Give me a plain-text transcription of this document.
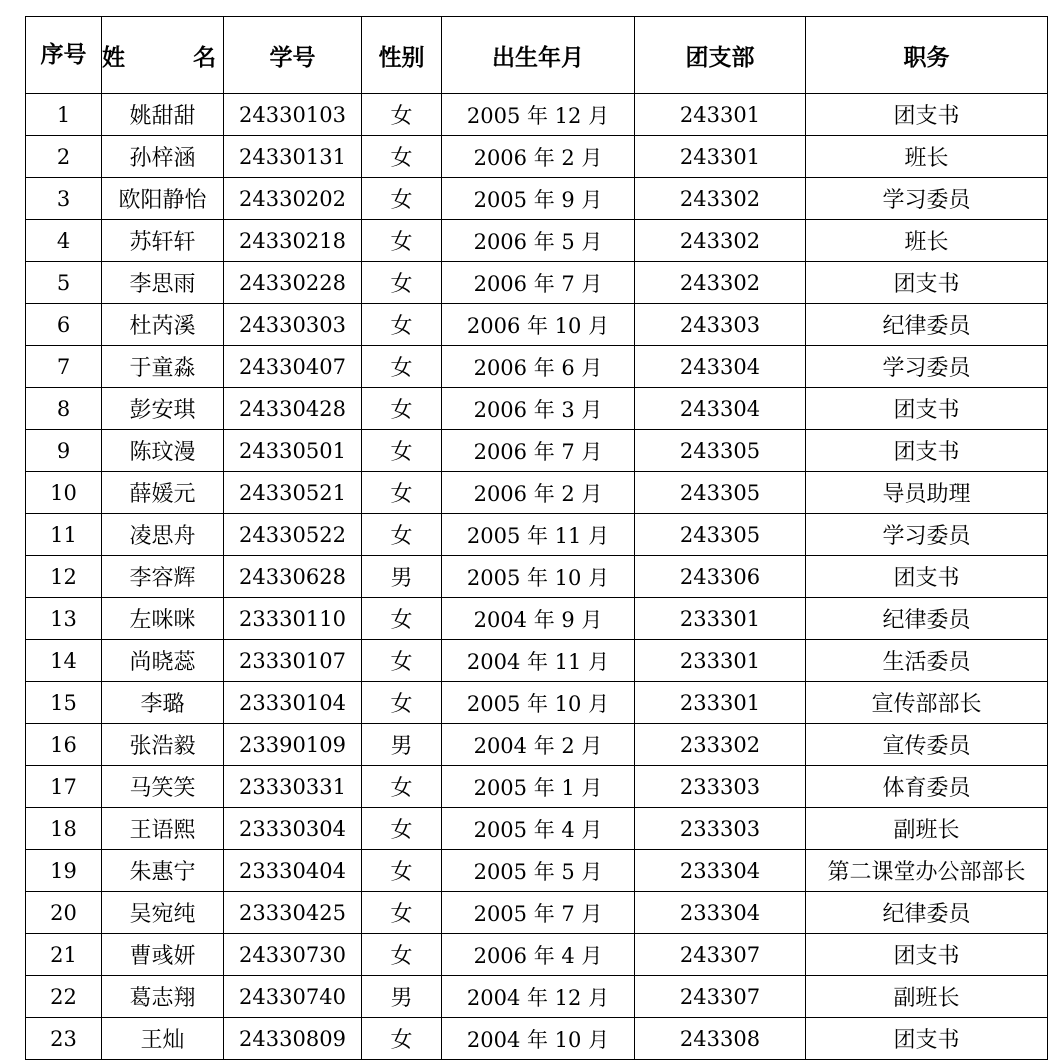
序号	姓 名	学号	性别	出生年月	团支部	职务
1	姚甜甜	24330103	女	2005 年 12 月	243301	团支书
2	孙梓涵	24330131	女	2006 年 2 月	243301	班长
3	欧阳静怡	24330202	女	2005 年 9 月	243302	学习委员
4	苏轩轩	24330218	女	2006 年 5 月	243302	班长
5	李思雨	24330228	女	2006 年 7 月	243302	团支书
6	杜芮溪	24330303	女	2006 年 10 月	243303	纪律委员
7	于童淼	24330407	女	2006 年 6 月	243304	学习委员
8	彭安琪	24330428	女	2006 年 3 月	243304	团支书
9	陈玟漫	24330501	女	2006 年 7 月	243305	团支书
10	薛媛元	24330521	女	2006 年 2 月	243305	导员助理
11	凌思舟	24330522	女	2005 年 11 月	243305	学习委员
12	李容辉	24330628	男	2005 年 10 月	243306	团支书
13	左咪咪	23330110	女	2004 年 9 月	233301	纪律委员
14	尚晓蕊	23330107	女	2004 年 11 月	233301	生活委员
15	李璐	23330104	女	2005 年 10 月	233301	宣传部部长
16	张浩毅	23390109	男	2004 年 2 月	233302	宣传委员
17	马笑笑	23330331	女	2005 年 1 月	233303	体育委员
18	王语熙	23330304	女	2005 年 4 月	233303	副班长
19	朱惠宁	23330404	女	2005 年 5 月	233304	第二课堂办公部部长
20	吴宛纯	23330425	女	2005 年 7 月	233304	纪律委员
21	曹彧妍	24330730	女	2006 年 4 月	243307	团支书
22	葛志翔	24330740	男	2004 年 12 月	243307	副班长
23	王灿	24330809	女	2004 年 10 月	243308	团支书
